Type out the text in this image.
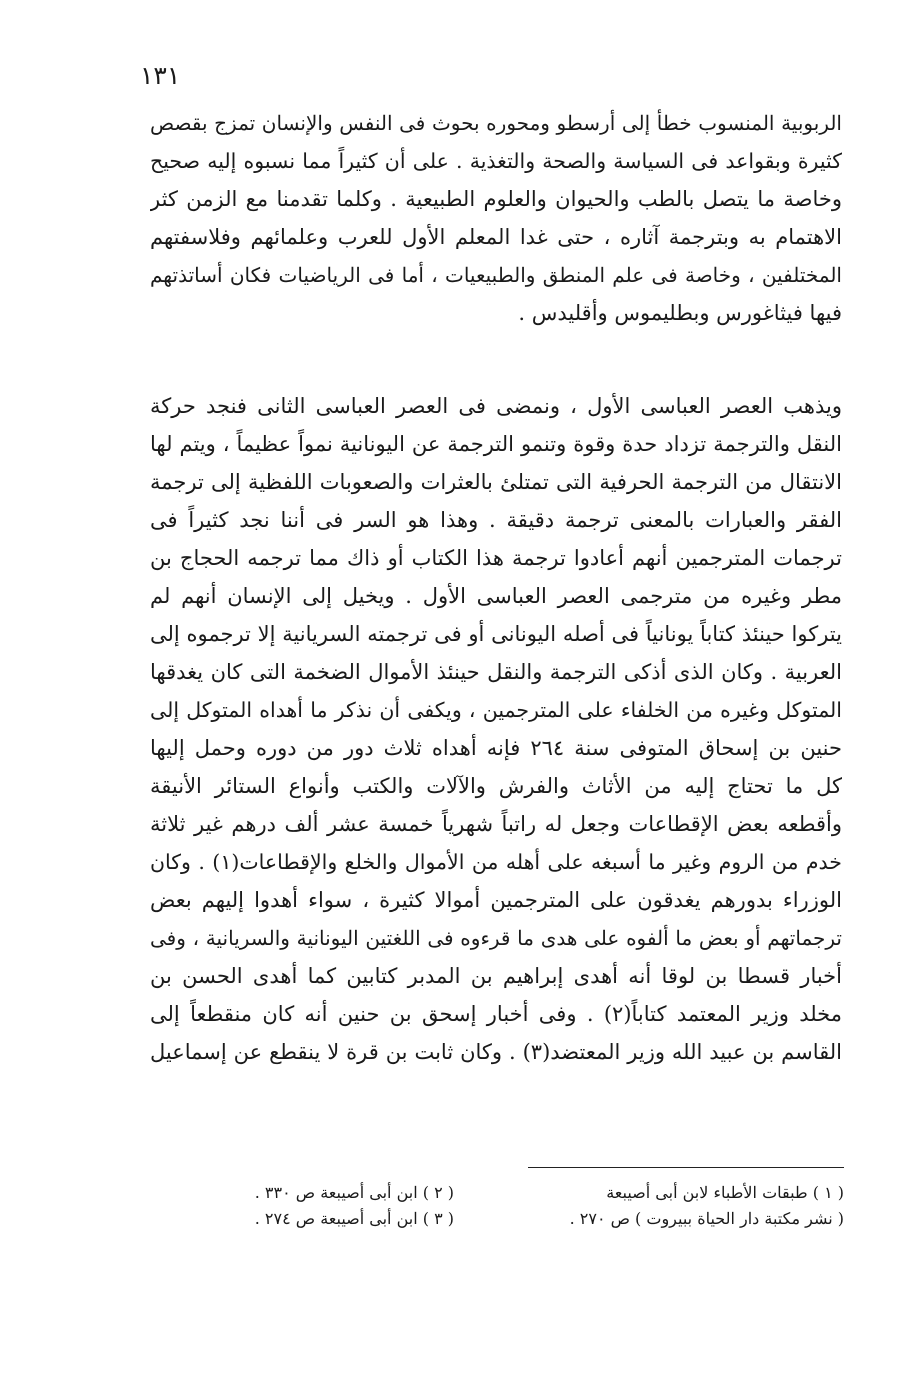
١٣١
الربوبية المنسوب خطأ إلى أرسطو ومحوره بحوث فى النفس والإنسان تمزج بقصص
كثيرة وبقواعد فى السياسة والصحة والتغذية . على أن كثيراً مما نسبوه إليه صحيح
وخاصة ما يتصل بالطب والحيوان والعلوم الطبيعية . وكلما تقدمنا مع الزمن كثر
الاهتمام به وبترجمة آثاره ، حتى غدا المعلم الأول للعرب وعلمائهم وفلاسفتهم
المختلفين ، وخاصة فى علم المنطق والطبيعيات ، أما فى الرياضيات فكان أساتذتهم
فيها فيثاغورس وبطليموس وأقليدس .
ويذهب العصر العباسى الأول ، ونمضى فى العصر العباسى الثانى فنجد حركة
النقل والترجمة تزداد حدة وقوة وتنمو الترجمة عن اليونانية نمواً عظيماً ، ويتم لها
الانتقال من الترجمة الحرفية التى تمتلئ بالعثرات والصعوبات اللفظية إلى ترجمة
الفقر والعبارات بالمعنى ترجمة دقيقة . وهذا هو السر فى أننا نجد كثيراً فى
ترجمات المترجمين أنهم أعادوا ترجمة هذا الكتاب أو ذاك مما ترجمه الحجاج بن
مطر وغيره من مترجمى العصر العباسى الأول . ويخيل إلى الإنسان أنهم لم
يتركوا حينئذ كتاباً يونانياً فى أصله اليونانى أو فى ترجمته السريانية إلا ترجموه إلى
العربية . وكان الذى أذكى الترجمة والنقل حينئذ الأموال الضخمة التى كان يغدقها
المتوكل وغيره من الخلفاء على المترجمين ، ويكفى أن نذكر ما أهداه المتوكل إلى
حنين بن إسحاق المتوفى سنة ٢٦٤ فإنه أهداه ثلاث دور من دوره وحمل إليها
كل ما تحتاج إليه من الأثاث والفرش والآلات والكتب وأنواع الستائر الأنيقة
وأقطعه بعض الإقطاعات وجعل له راتباً شهرياً خمسة عشر ألف درهم غير ثلاثة
خدم من الروم وغير ما أسبغه على أهله من الأموال والخلع والإقطاعات(١) . وكان
الوزراء بدورهم يغدقون على المترجمين أموالا كثيرة ، سواء أهدوا إليهم بعض
ترجماتهم أو بعض ما ألفوه على هدى ما قرءوه فى اللغتين اليونانية والسريانية ، وفى
أخبار قسطا بن لوقا أنه أهدى إبراهيم بن المدبر كتابين كما أهدى الحسن بن
مخلد وزير المعتمد كتاباً(٢) . وفى أخبار إسحق بن حنين أنه كان منقطعاً إلى
القاسم بن عبيد الله وزير المعتضد(٣) . وكان ثابت بن قرة لا ينقطع عن إسماعيل
( ١ ) طبقات الأطباء لابن أبى أصيبعة
( نشر مكتبة دار الحياة ببيروت ) ص ٢٧٠ .
( ٢ ) ابن أبى أصيبعة ص ٣٣٠ .
( ٣ ) ابن أبى أصيبعة ص ٢٧٤ .
